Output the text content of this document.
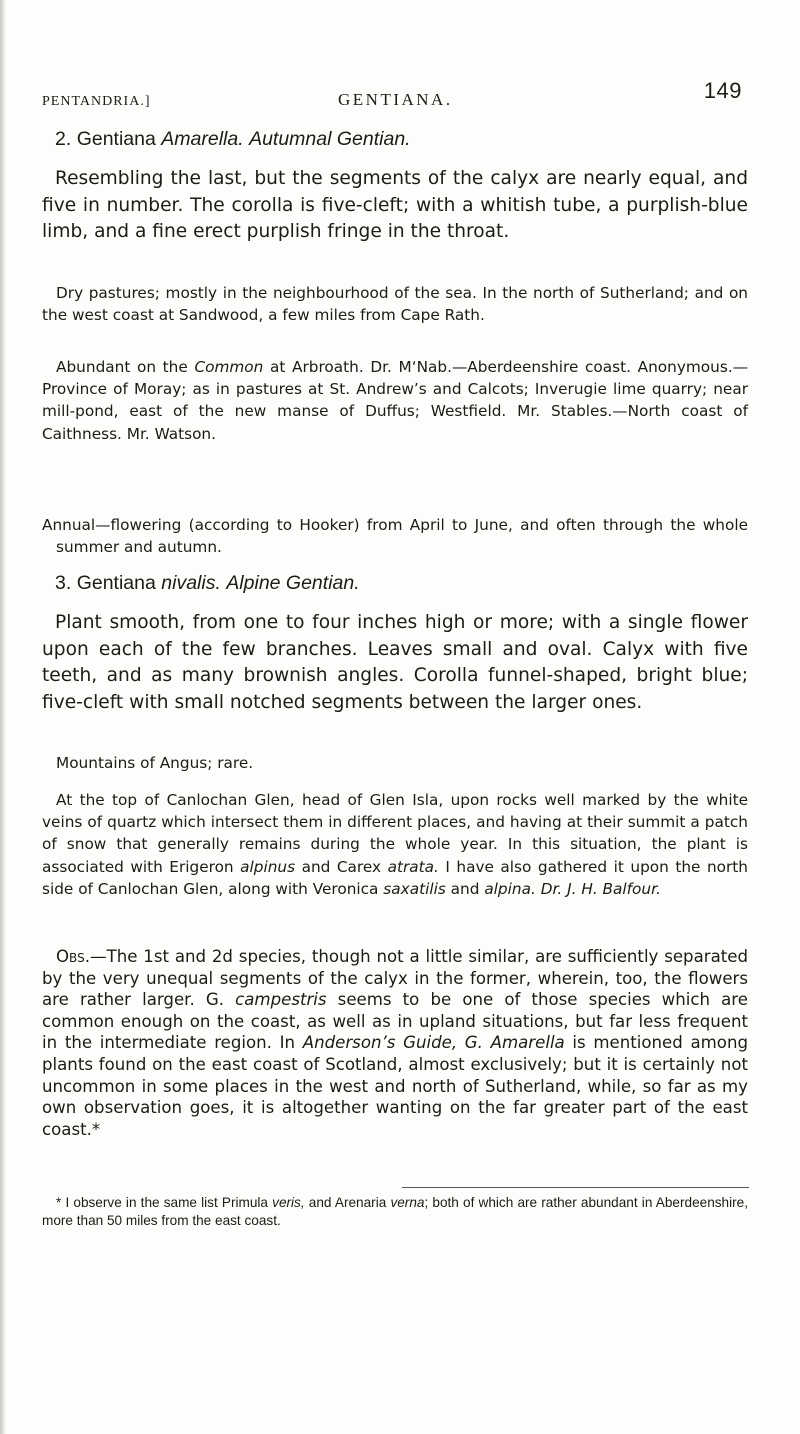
PENTANDRIA.]	GENTIANA.	149

2. Gentiana Amarella. Autumnal Gentian.

Resembling the last, but the segments of the calyx are nearly equal, and five in number. The corolla is five-cleft; with a whitish tube, a purplish-blue limb, and a fine erect purplish fringe in the throat.

Dry pastures; mostly in the neighbourhood of the sea. In the north of Sutherland; and on the west coast at Sandwood, a few miles from Cape Rath.

Abundant on the Common at Arbroath. Dr. M‘Nab.—Aberdeenshire coast. Anonymous.—Province of Moray; as in pastures at St. Andrew’s and Calcots; Inverugie lime quarry; near mill-pond, east of the new manse of Duffus; Westfield. Mr. Stables.—North coast of Caithness. Mr. Watson.

Annual—flowering (according to Hooker) from April to June, and often through the whole summer and autumn.

3. Gentiana nivalis. Alpine Gentian.

Plant smooth, from one to four inches high or more; with a single flower upon each of the few branches. Leaves small and oval. Calyx with five teeth, and as many brownish angles. Corolla funnel-shaped, bright blue; five-cleft with small notched segments between the larger ones.

Mountains of Angus; rare.

At the top of Canlochan Glen, head of Glen Isla, upon rocks well marked by the white veins of quartz which intersect them in different places, and having at their summit a patch of snow that generally remains during the whole year. In this situation, the plant is associated with Erigeron alpinus and Carex atrata. I have also gathered it upon the north side of Canlochan Glen, along with Veronica saxatilis and alpina. Dr. J. H. Balfour.

Obs.—The 1st and 2d species, though not a little similar, are sufficiently separated by the very unequal segments of the calyx in the former, wherein, too, the flowers are rather larger. G. campestris seems to be one of those species which are common enough on the coast, as well as in upland situations, but far less frequent in the intermediate region. In Anderson’s Guide, G. Amarella is mentioned among plants found on the east coast of Scotland, almost exclusively; but it is certainly not uncommon in some places in the west and north of Sutherland, while, so far as my own observation goes, it is altogether wanting on the far greater part of the east coast.*

* I observe in the same list Primula veris, and Arenaria verna; both of which are rather abundant in Aberdeenshire, more than 50 miles from the east coast.
